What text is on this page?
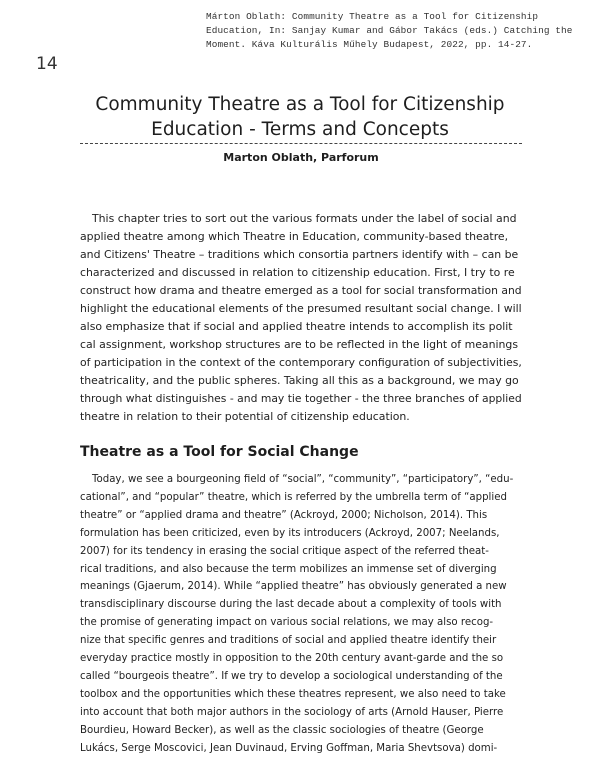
Márton Oblath: Community Theatre as a Tool for Citizenship
Education, In: Sanjay Kumar and Gábor Takács (eds.) Catching the
Moment. Káva Kulturális Műhely Budapest, 2022, pp. 14-27.
14
Community Theatre as a Tool for Citizenship
Education - Terms and Concepts
Marton Oblath, Parforum
This chapter tries to sort out the various formats under the label of social and
applied theatre among which Theatre in Education, community-based theatre,
and Citizens' Theatre – traditions which consortia partners identify with – can be
characterized and discussed in relation to citizenship education. First, I try to re
construct how drama and theatre emerged as a tool for social transformation and
highlight the educational elements of the presumed resultant social change. I will
also emphasize that if social and applied theatre intends to accomplish its polit
cal assignment, workshop structures are to be reflected in the light of meanings
of participation in the context of the contemporary configuration of subjectivities,
theatricality, and the public spheres. Taking all this as a background, we may go
through what distinguishes - and may tie together - the three branches of applied
theatre in relation to their potential of citizenship education.
Theatre as a Tool for Social Change
Today, we see a bourgeoning field of “social”, “community”, “participatory”, “edu-
cational”, and “popular” theatre, which is referred by the umbrella term of “applied
theatre” or “applied drama and theatre” (Ackroyd, 2000; Nicholson, 2014). This
formulation has been criticized, even by its introducers (Ackroyd, 2007; Neelands,
2007) for its tendency in erasing the social critique aspect of the referred theat-
rical traditions, and also because the term mobilizes an immense set of diverging
meanings (Gjaerum, 2014). While “applied theatre” has obviously generated a new
transdisciplinary discourse during the last decade about a complexity of tools with
the promise of generating impact on various social relations, we may also recog-
nize that specific genres and traditions of social and applied theatre identify their
everyday practice mostly in opposition to the 20th century avant-garde and the so
called “bourgeois theatre”. If we try to develop a sociological understanding of the
toolbox and the opportunities which these theatres represent, we also need to take
into account that both major authors in the sociology of arts (Arnold Hauser, Pierre
Bourdieu, Howard Becker), as well as the classic sociologies of theatre (George
Lukács, Serge Moscovici, Jean Duvinaud, Erving Goffman, Maria Shevtsova) domi-
